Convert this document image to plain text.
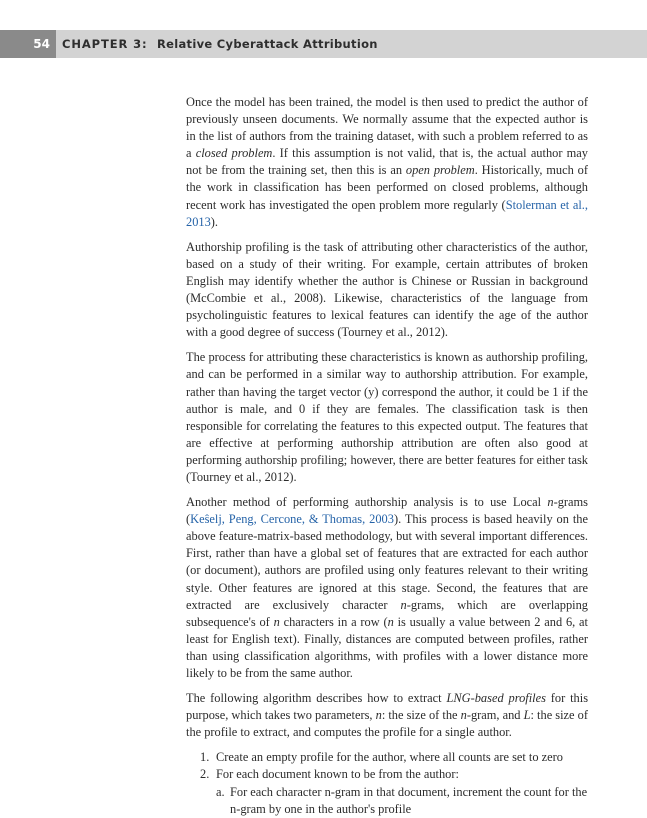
54	CHAPTER 3: Relative Cyberattack Attribution

Once the model has been trained, the model is then used to predict the author of previously unseen documents. We normally assume that the expected author is in the list of authors from the training dataset, with such a problem referred to as a closed problem. If this assumption is not valid, that is, the actual author may not be from the training set, then this is an open problem. Historically, much of the work in classification has been performed on closed problems, although recent work has investigated the open problem more regularly (Stolerman et al., 2013).

Authorship profiling is the task of attributing other characteristics of the author, based on a study of their writing. For example, certain attributes of broken English may identify whether the author is Chinese or Russian in background (McCombie et al., 2008). Likewise, characteristics of the language from psycholinguistic features to lexical features can identify the age of the author with a good degree of success (Tourney et al., 2012).

The process for attributing these characteristics is known as authorship profiling, and can be performed in a similar way to authorship attribution. For example, rather than having the target vector (y) correspond the author, it could be 1 if the author is male, and 0 if they are females. The classification task is then responsible for correlating the features to this expected output. The features that are effective at performing authorship attribution are often also good at performing authorship profiling; however, there are better features for either task (Tourney et al., 2012).

Another method of performing authorship analysis is to use Local n-grams (Keŝelj, Peng, Cercone, & Thomas, 2003). This process is based heavily on the above feature-matrix-based methodology, but with several important differences. First, rather than have a global set of features that are extracted for each author (or document), authors are profiled using only features relevant to their writing style. Other features are ignored at this stage. Second, the features that are extracted are exclusively character n-grams, which are overlapping subsequence's of n characters in a row (n is usually a value between 2 and 6, at least for English text). Finally, distances are computed between profiles, rather than using classification algorithms, with profiles with a lower distance more likely to be from the same author.

The following algorithm describes how to extract LNG-based profiles for this purpose, which takes two parameters, n: the size of the n-gram, and L: the size of the profile to extract, and computes the profile for a single author.

1. Create an empty profile for the author, where all counts are set to zero
2. For each document known to be from the author:
a. For each character n-gram in that document, increment the count for the n-gram by one in the author's profile
